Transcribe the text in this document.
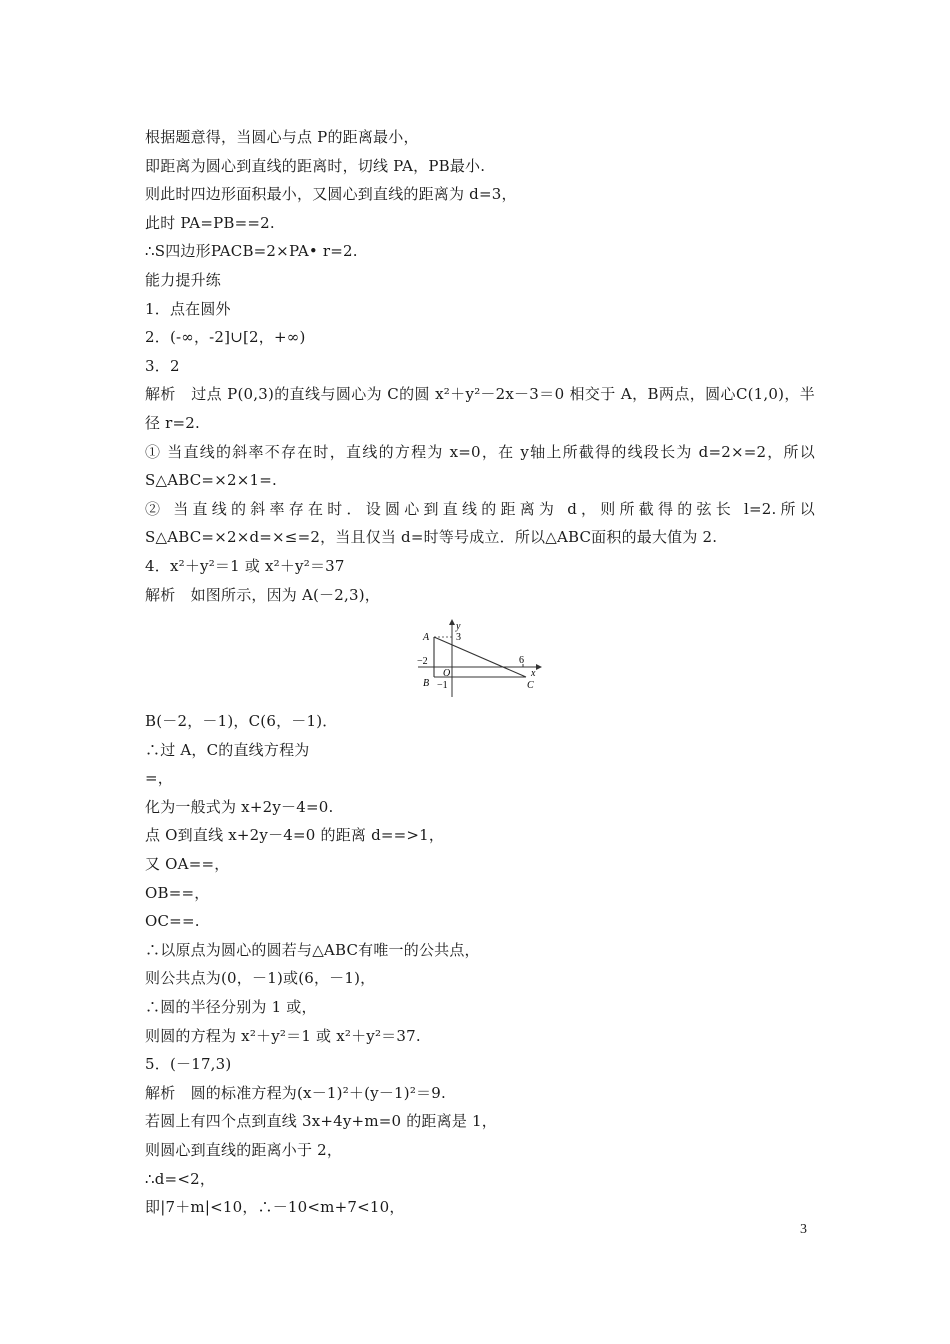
根据题意得，当圆心与点 P的距离最小，
即距离为圆心到直线的距离时，切线 PA，PB最小.
则此时四边形面积最小，又圆心到直线的距离为 d=3，
此时 PA=PB==2.
∴S四边形PACB=2×PA• r=2.
能力提升练
1．点在圆外
2．(-∞，-2]∪[2，+∞)
3．2
解析　过点 P(0,3)的直线与圆心为 C的圆 x²＋y²－2x－3＝0 相交于 A，B两点，圆心C(1,0)，半径 r=2.
① 当直线的斜率不存在时，直线的方程为 x=0，在 y轴上所截得的线段长为 d=2×=2，所以 S△ABC=×2×1=.
② 当直线的斜率存在时．设圆心到直线的距离为 d，则所截得的弦长 l=2.所以 S△ABC=×2×d=×≤=2，当且仅当 d=时等号成立．所以△ABC面积的最大值为 2.
4．x²＋y²＝1 或 x²＋y²＝37
解析　如图所示，因为 A(－2,3)，
A	3
y
−2	6
x
O
B −1	C
B(－2，－1)，C(6，－1)．
∴过 A，C的直线方程为
=，
化为一般式为 x+2y－4=0.
点 O到直线 x+2y－4=0 的距离 d==>1，
又 OA==，
OB==，
OC==.
∴以原点为圆心的圆若与△ABC有唯一的公共点，
则公共点为(0，－1)或(6，－1)，
∴圆的半径分别为 1 或，
则圆的方程为 x²＋y²＝1 或 x²＋y²＝37.
5．(－17,3)
解析　圆的标准方程为(x－1)²＋(y－1)²＝9.
若圆上有四个点到直线 3x+4y+m=0 的距离是 1，
则圆心到直线的距离小于 2，
∴d=<2，
即|7＋m|<10，∴－10<m+7<10，
3
